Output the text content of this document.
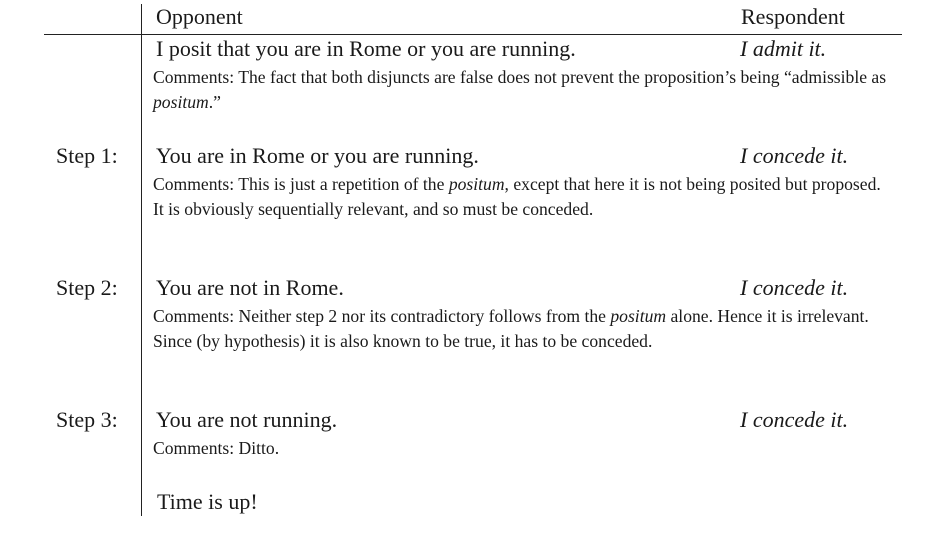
Opponent	Respondent
I posit that you are in Rome or you are running.	I admit it.
Comments: The fact that both disjuncts are false does not prevent the proposition’s being “admissible as positum.”
Step 1: You are in Rome or you are running.	I concede it.
Comments: This is just a repetition of the positum, except that here it is not being posited but proposed. It is obviously sequentially relevant, and so must be conceded.
Step 2: You are not in Rome.	I concede it.
Comments: Neither step 2 nor its contradictory follows from the positum alone. Hence it is irrelevant. Since (by hypothesis) it is also known to be true, it has to be conceded.
Step 3: You are not running.	I concede it.
Comments: Ditto.
Time is up!
